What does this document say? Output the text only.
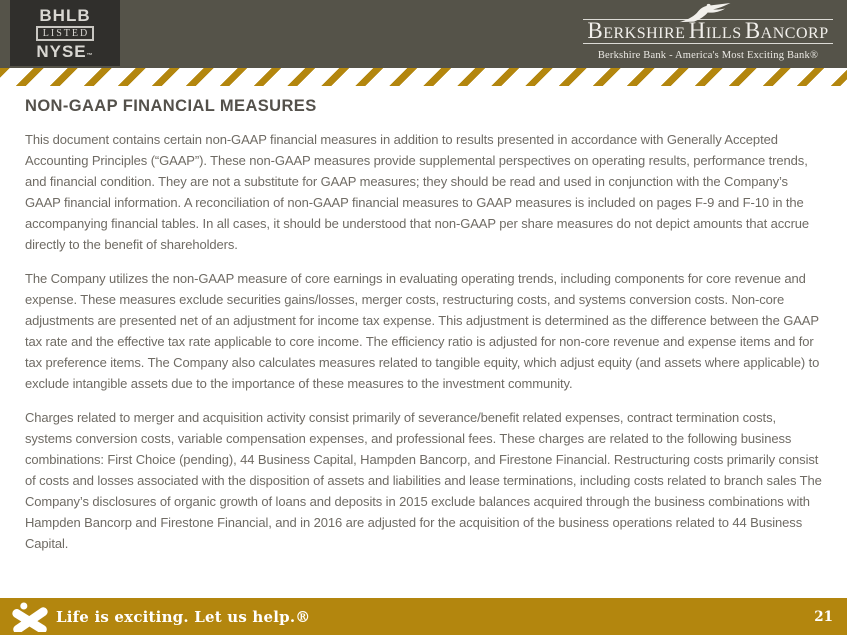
BHLB
LISTED
NYSE™
Berkshire Hills Bancorp
Berkshire Bank - America's Most Exciting Bank®
NON-GAAP FINANCIAL MEASURES

This document contains certain non-GAAP financial measures in addition to results presented in accordance with Generally Accepted Accounting Principles (“GAAP”). These non-GAAP measures provide supplemental perspectives on operating results, performance trends, and financial condition. They are not a substitute for GAAP measures; they should be read and used in conjunction with the Company’s GAAP financial information. A reconciliation of non-GAAP financial measures to GAAP measures is included on pages F-9 and F-10 in the accompanying financial tables. In all cases, it should be understood that non-GAAP per share measures do not depict amounts that accrue directly to the benefit of shareholders.

The Company utilizes the non-GAAP measure of core earnings in evaluating operating trends, including components for core revenue and expense. These measures exclude securities gains/losses, merger costs, restructuring costs, and systems conversion costs. Non-core adjustments are presented net of an adjustment for income tax expense. This adjustment is determined as the difference between the GAAP tax rate and the effective tax rate applicable to core income. The efficiency ratio is adjusted for non-core revenue and expense items and for tax preference items. The Company also calculates measures related to tangible equity, which adjust equity (and assets where applicable) to exclude intangible assets due to the importance of these measures to the investment community.

Charges related to merger and acquisition activity consist primarily of severance/benefit related expenses, contract termination costs, systems conversion costs, variable compensation expenses, and professional fees. These charges are related to the following business combinations: First Choice (pending), 44 Business Capital, Hampden Bancorp, and Firestone Financial. Restructuring costs primarily consist of costs and losses associated with the disposition of assets and liabilities and lease terminations, including costs related to branch sales The Company’s disclosures of organic growth of loans and deposits in 2015 exclude balances acquired through the business combinations with Hampden Bancorp and Firestone Financial, and in 2016 are adjusted for the acquisition of the business operations related to 44 Business Capital.

Life is exciting. Let us help.®	21
